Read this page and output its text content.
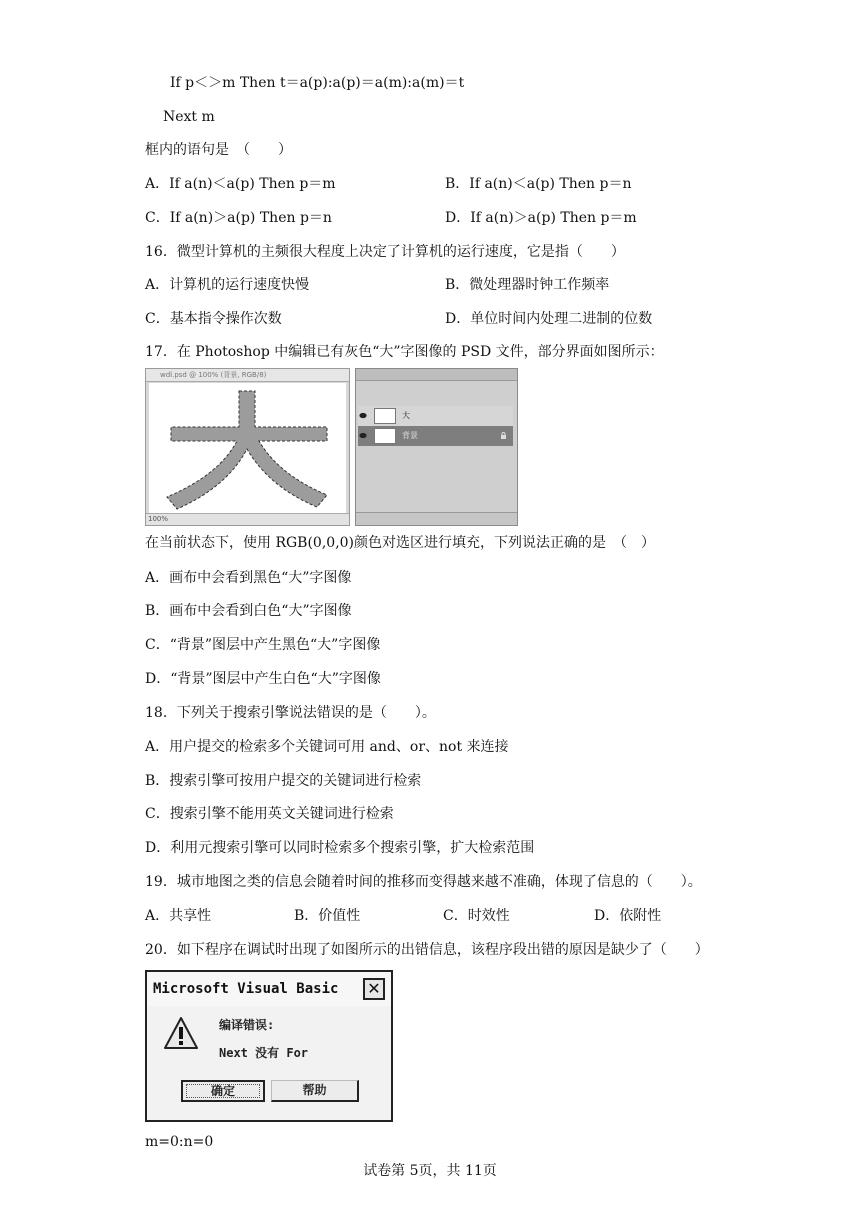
If p＜＞m Then t＝a(p):a(p)＝a(m):a(m)＝t
Next m
框内的语句是　（　　）
A．If a(n)＜a(p) Then p＝m	B．If a(n)＜a(p) Then p＝n
C．If a(n)＞a(p) Then p＝n	D．If a(n)＞a(p) Then p＝m
16．微型计算机的主频很大程度上决定了计算机的运行速度，它是指（　　）
A．计算机的运行速度快慢	B．微处理器时钟工作频率
C．基本指令操作次数	D．单位时间内处理二进制的位数
17．在 Photoshop 中编辑已有灰色“大”字图像的 PSD 文件，部分界面如图所示：
wdl.psd @ 100% (背景, RGB/8)
100%
大
背景
在当前状态下，使用 RGB(0,0,0)颜色对选区进行填充，下列说法正确的是　（　）
A．画布中会看到黑色“大”字图像
B．画布中会看到白色“大”字图像
C．“背景”图层中产生黑色“大”字图像
D．“背景”图层中产生白色“大”字图像
18．下列关于搜索引擎说法错误的是（　　）。
A．用户提交的检索多个关键词可用 and、or、not 来连接
B．搜索引擎可按用户提交的关键词进行检索
C．搜索引擎不能用英文关键词进行检索
D．利用元搜索引擎可以同时检索多个搜索引擎，扩大检索范围
19．城市地图之类的信息会随着时间的推移而变得越来越不准确，体现了信息的（　　）。
A．共享性	B．价值性	C．时效性	D．依附性
20．如下程序在调试时出现了如图所示的出错信息，该程序段出错的原因是缺少了（　　）
Microsoft Visual Basic	✕
编译错误:
Next 没有 For
确定	帮助
m=0:n=0
试卷第 5页，共 11页
